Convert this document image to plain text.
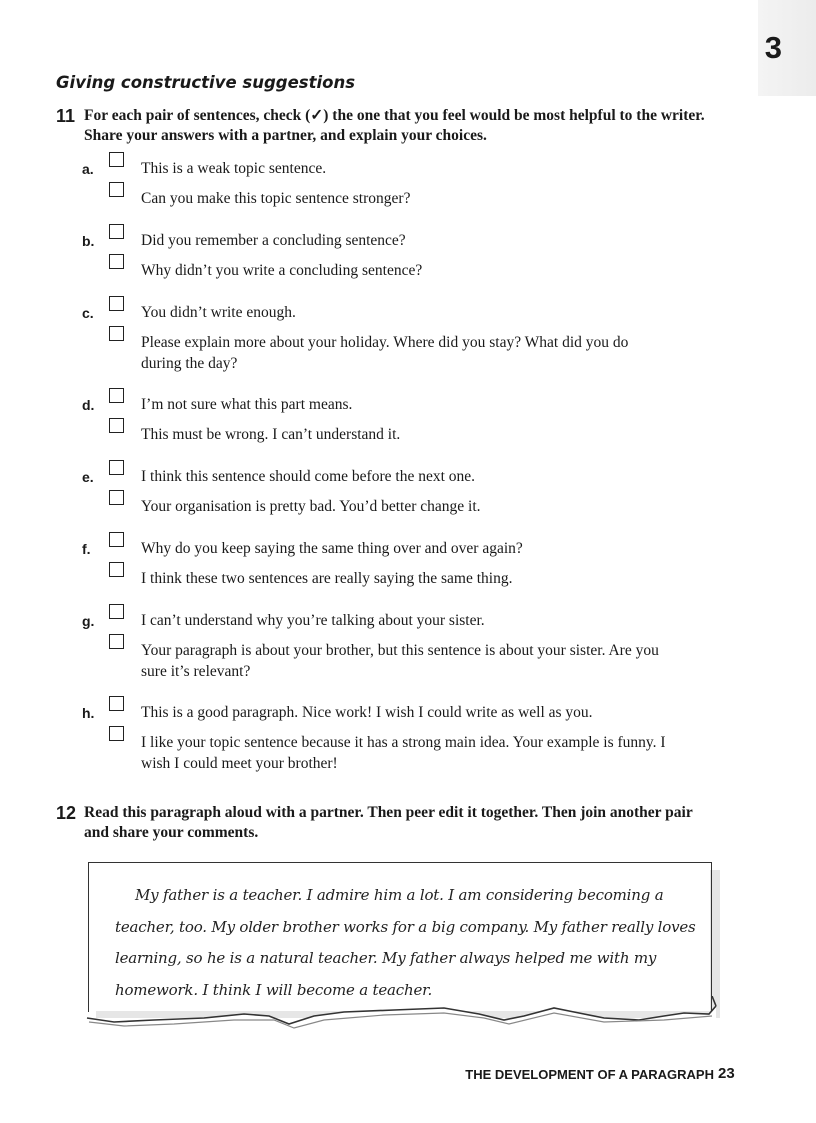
3
Giving constructive suggestions
11 For each pair of sentences, check (✓) the one that you feel would be most helpful to the writer. Share your answers with a partner, and explain your choices.

a.	This is a weak topic sentence.
Can you make this topic sentence stronger?
b.	Did you remember a concluding sentence?
Why didn’t you write a concluding sentence?
c.	You didn’t write enough.
Please explain more about your holiday. Where did you stay? What did you do during the day?
d.	I’m not sure what this part means.
This must be wrong. I can’t understand it.
e.	I think this sentence should come before the next one.
Your organisation is pretty bad. You’d better change it.
f.	Why do you keep saying the same thing over and over again?
I think these two sentences are really saying the same thing.
g.	I can’t understand why you’re talking about your sister.
Your paragraph is about your brother, but this sentence is about your sister. Are you sure it’s relevant?
h.	This is a good paragraph. Nice work! I wish I could write as well as you.
I like your topic sentence because it has a strong main idea. Your example is funny. I wish I could meet your brother!
12 Read this paragraph aloud with a partner. Then peer edit it together. Then join another pair and share your comments.

My father is a teacher. I admire him a lot. I am considering becoming a teacher, too. My older brother works for a big company. My father really loves learning, so he is a natural teacher. My father always helped me with my homework. I think I will become a teacher.

THE DEVELOPMENT OF A PARAGRAPH 23
